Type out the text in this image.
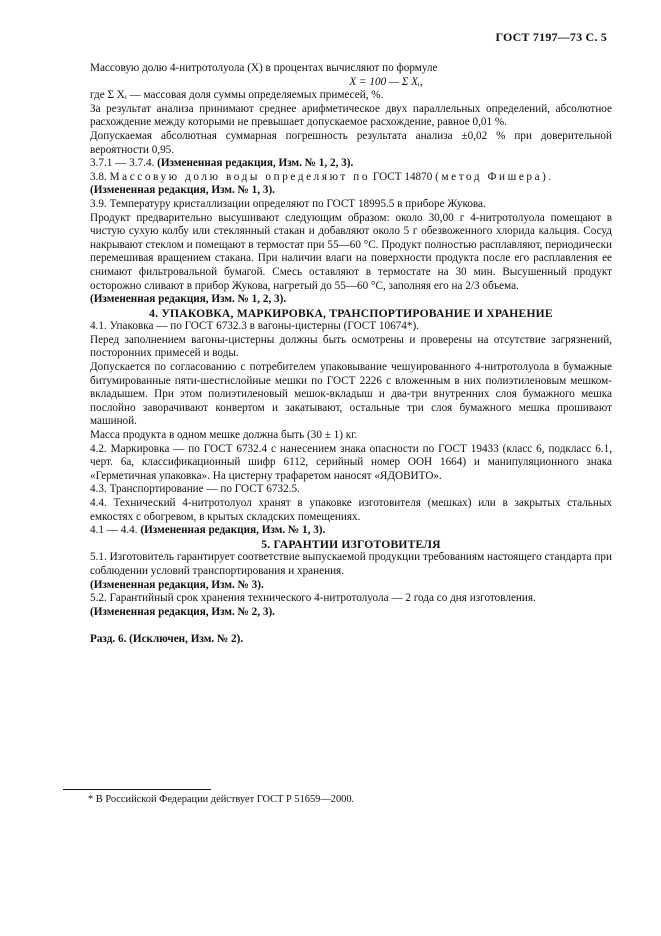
ГОСТ 7197—73 С. 5

Массовую долю 4-нитротолуола (X) в процентах вычисляют по формуле

X = 100 — Σ Xᵢ,

где Σ Xᵢ — массовая доля суммы определяемых примесей, %.

За результат анализа принимают среднее арифметическое двух параллельных определений, абсолютное расхождение между которыми не превышает допускаемое расхождение, равное 0,01 %.

Допускаемая абсолютная суммарная погрешность результата анализа ±0,02 % при доверительной вероятности 0,95.

3.7.1 — 3.7.4. (Измененная редакция, Изм. № 1, 2, 3).

3.8. Массовую долю воды определяют по ГОСТ 14870 (метод Фишера).

(Измененная редакция, Изм. № 1, 3).

3.9. Температуру кристаллизации определяют по ГОСТ 18995.5 в приборе Жукова.

Продукт предварительно высушивают следующим образом: около 30,00 г 4-нитротолуола помещают в чистую сухую колбу или стеклянный стакан и добавляют около 5 г обезвоженного хлорида кальция. Сосуд накрывают стеклом и помещают в термостат при 55—60 °С. Продукт полностью расплавляют, периодически перемешивая вращением стакана. При наличии влаги на поверхности продукта после его расплавления ее снимают фильтровальной бумагой. Смесь оставляют в термостате на 30 мин. Высушенный продукт осторожно сливают в прибор Жукова, нагретый до 55—60 °С, заполняя его на 2/3 объема.

(Измененная редакция, Изм. № 1, 2, 3).

4. УПАКОВКА, МАРКИРОВКА, ТРАНСПОРТИРОВАНИЕ И ХРАНЕНИЕ

4.1. Упаковка — по ГОСТ 6732.3 в вагоны-цистерны (ГОСТ 10674*).

Перед заполнением вагоны-цистерны должны быть осмотрены и проверены на отсутствие загрязнений, посторонних примесей и воды.

Допускается по согласованию с потребителем упаковывание чешуированного 4-нитротолуола в бумажные битумированные пяти-шестислойные мешки по ГОСТ 2226 с вложенным в них полиэтиленовым мешком-вкладышем. При этом полиэтиленовый мешок-вкладыш и два-три внутренних слоя бумажного мешка послойно заворачивают конвертом и закатывают, остальные три слоя бумажного мешка прошивают машиной.

Масса продукта в одном мешке должна быть (30 ± 1) кг.

4.2. Маркировка — по ГОСТ 6732.4 с нанесением знака опасности по ГОСТ 19433 (класс 6, подкласс 6.1, черт. 6а, классификационный шифр 6112, серийный номер ООН 1664) и манипуляционного знака «Герметичная упаковка». На цистерну трафаретом наносят «ЯДОВИТО».

4.3. Транспортирование — по ГОСТ 6732.5.

4.4. Технический 4-нитротолуол хранят в упаковке изготовителя (мешках) или в закрытых стальных емкостях с обогревом, в крытых складских помещениях.

4.1 — 4.4. (Измененная редакция, Изм. № 1, 3).

5. ГАРАНТИИ ИЗГОТОВИТЕЛЯ

5.1. Изготовитель гарантирует соответствие выпускаемой продукции требованиям настоящего стандарта при соблюдении условий транспортирования и хранения.

(Измененная редакция, Изм. № 3).

5.2. Гарантийный срок хранения технического 4-нитротолуола — 2 года со дня изготовления.

(Измененная редакция, Изм. № 2, 3).

Разд. 6. (Исключен, Изм. № 2).

* В Российской Федерации действует ГОСТ Р 51659—2000.
